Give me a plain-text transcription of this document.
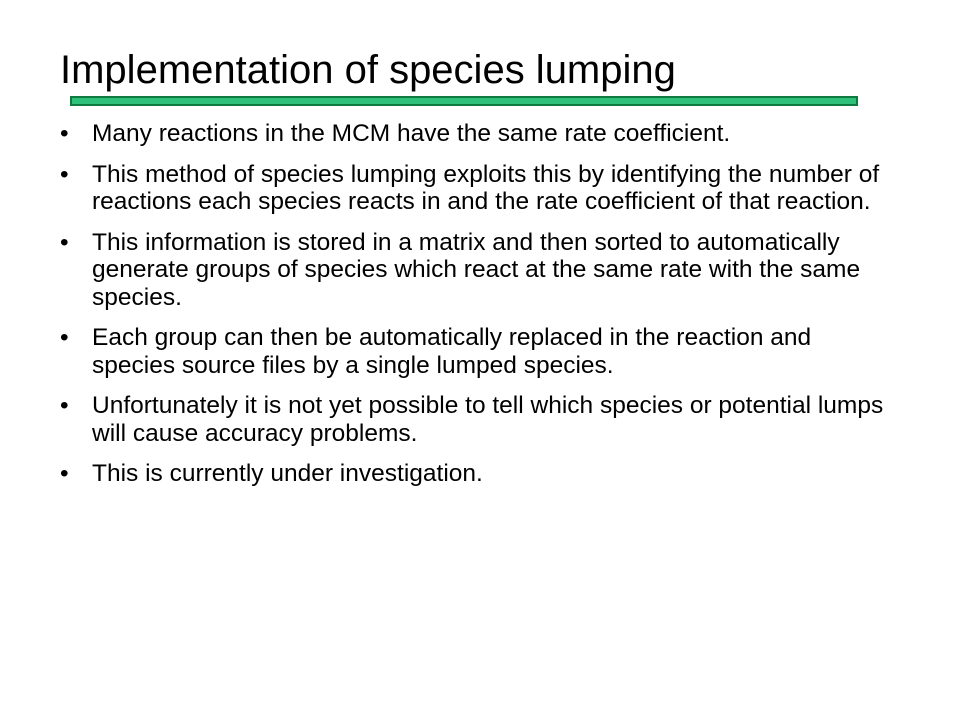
Implementation of species lumping
• Many reactions in the MCM have the same rate coefficient.
• This method of species lumping exploits this by identifying the number of reactions each species reacts in and the rate coefficient of that reaction.
• This information is stored in a matrix and then sorted to automatically generate groups of species which react at the same rate with the same species.
• Each group can then be automatically replaced in the reaction and species source files by a single lumped species.
• Unfortunately it is not yet possible to tell which species or potential lumps will cause accuracy problems.
• This is currently under investigation.
